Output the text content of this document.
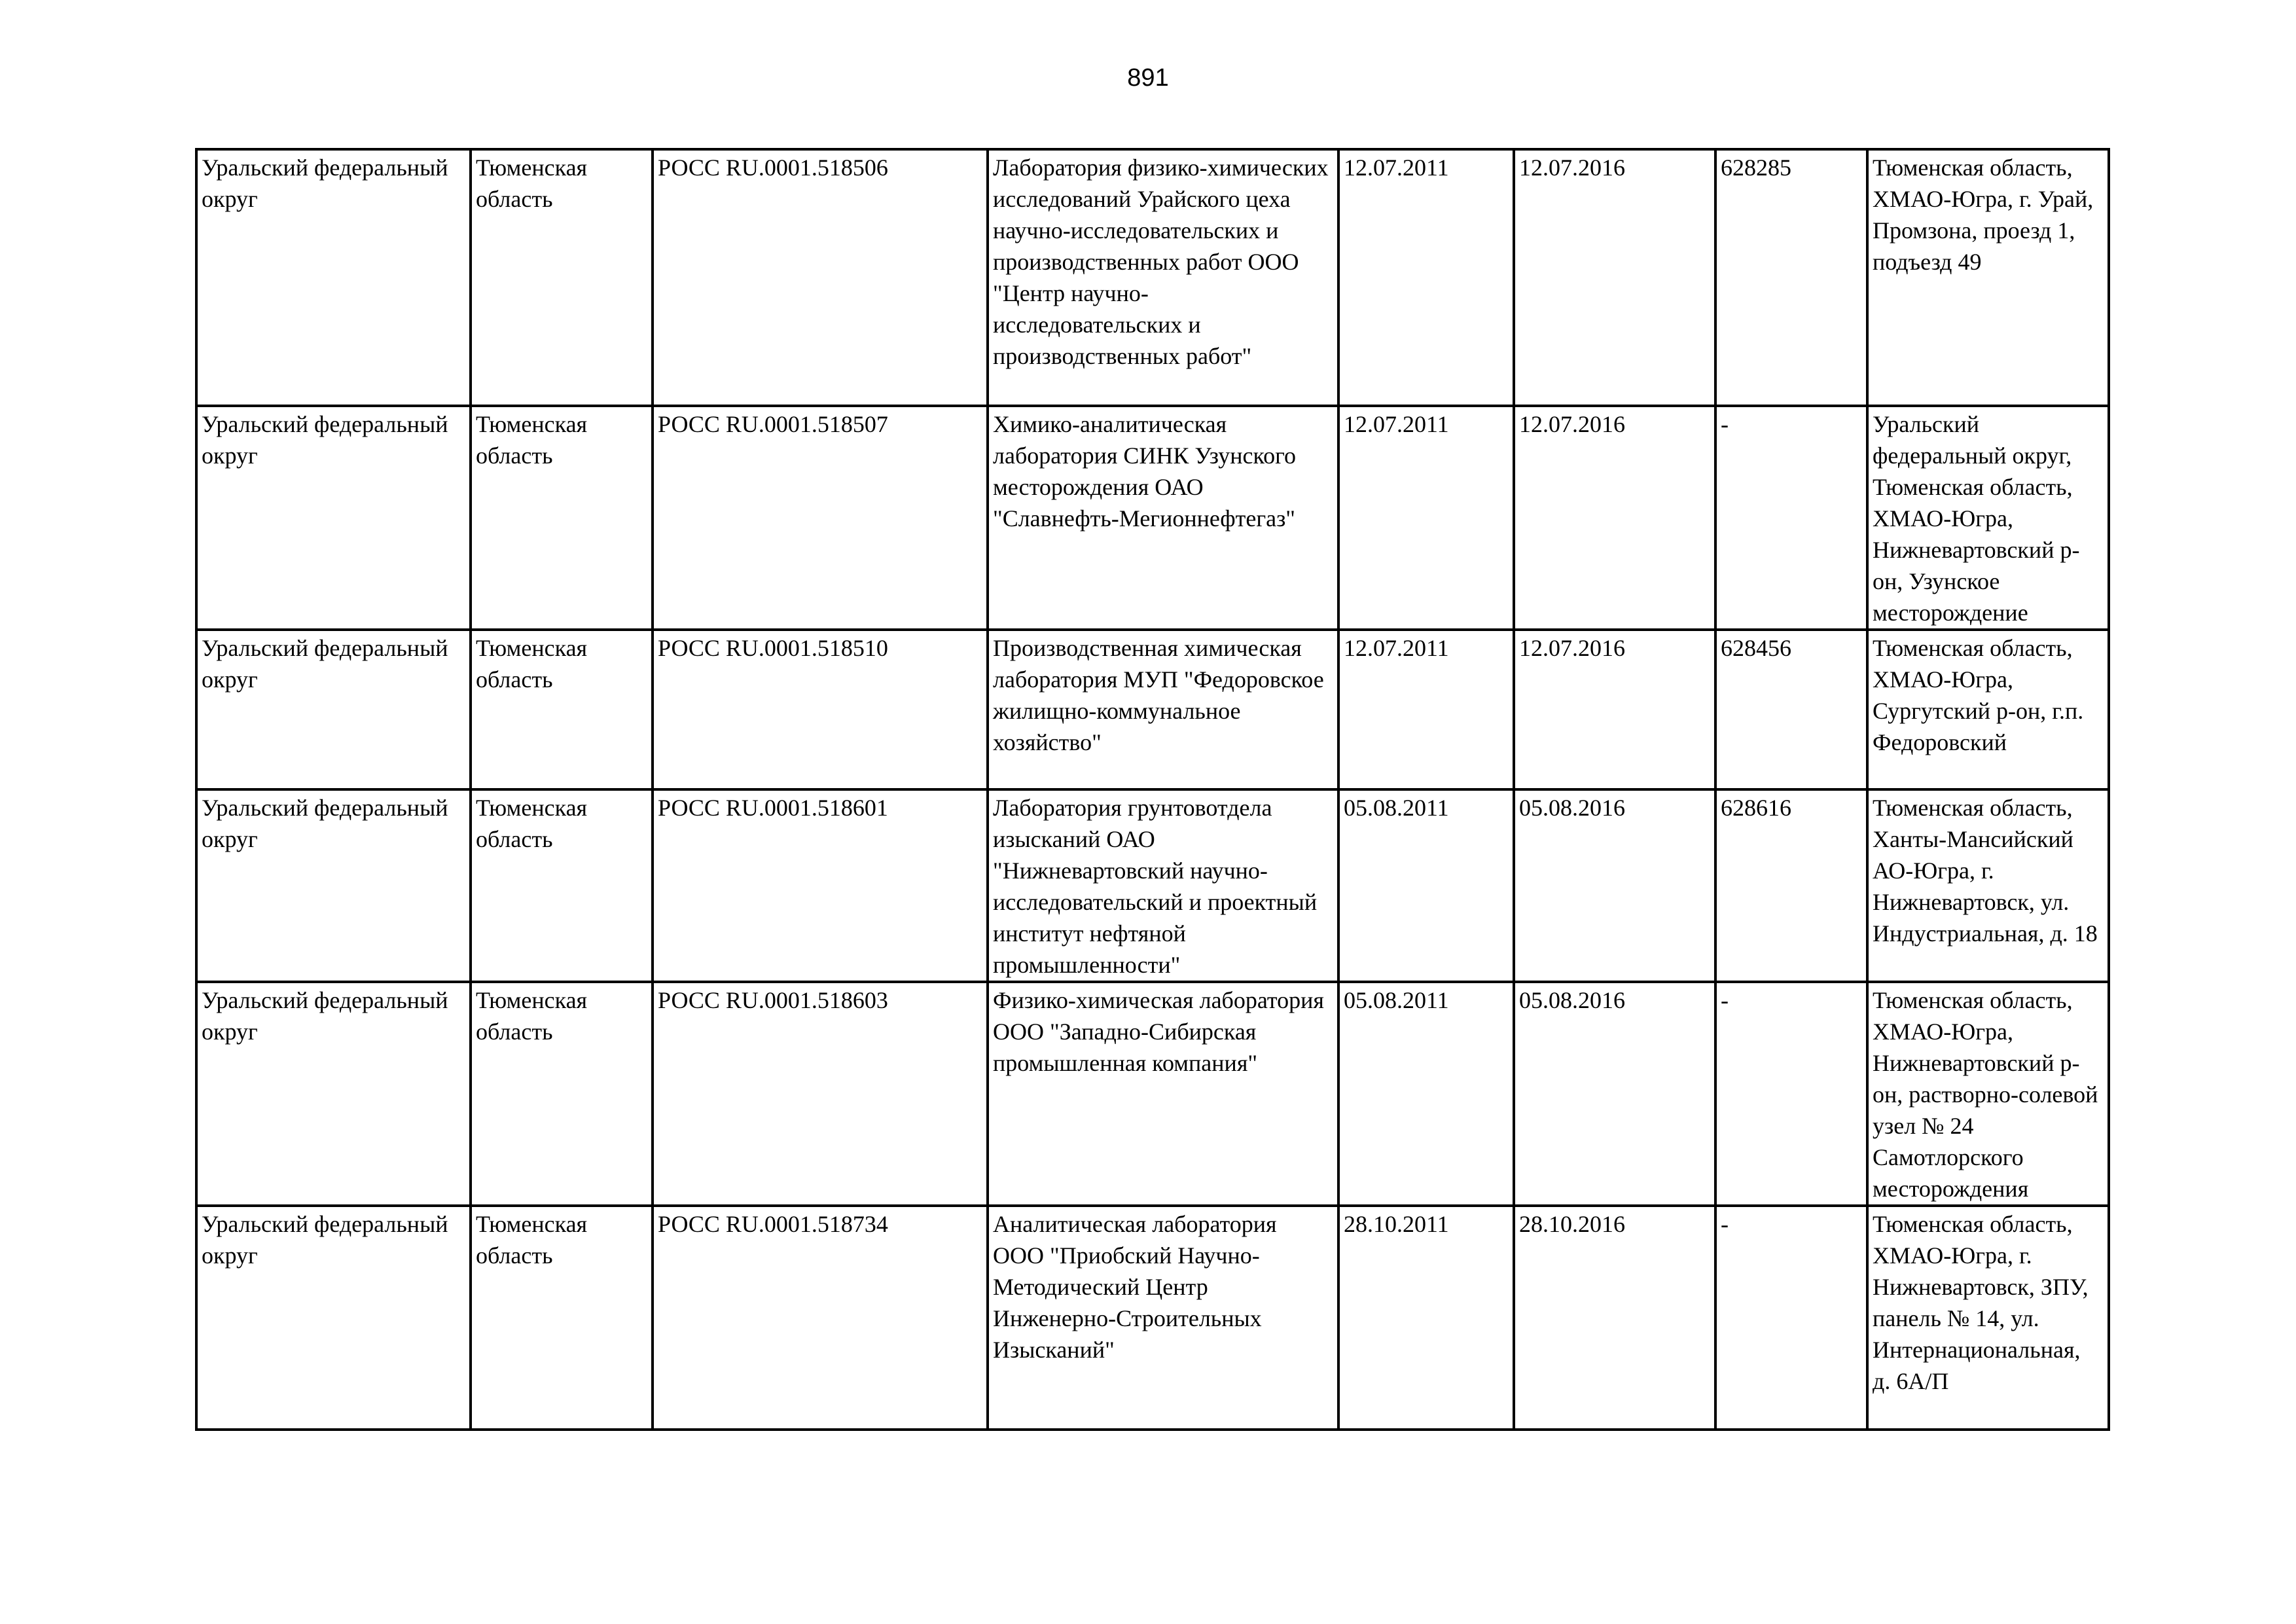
891
Уральский федеральный округ	Тюменская область	РОСС RU.0001.518506	Лаборатория физико-химических исследований Урайского цеха научно-исследовательских и производственных работ ООО "Центр научно-исследовательских и производственных работ"	12.07.2011	12.07.2016	628285	Тюменская область, ХМАО-Югра, г. Урай, Промзона, проезд 1, подъезд 49
Уральский федеральный округ	Тюменская область	РОСС RU.0001.518507	Химико-аналитическая лаборатория СИНК Узунского месторождения ОАО "Славнефть-Мегионнефтегаз"	12.07.2011	12.07.2016	-	Уральский федеральный округ, Тюменская область, ХМАО-Югра, Нижневартовский р-он, Узунское месторождение
Уральский федеральный округ	Тюменская область	РОСС RU.0001.518510	Производственная химическая лаборатория МУП "Федоровское жилищно-коммунальное хозяйство"	12.07.2011	12.07.2016	628456	Тюменская область, ХМАО-Югра, Сургутский р-он, г.п. Федоровский
Уральский федеральный округ	Тюменская область	РОСС RU.0001.518601	Лаборатория грунтовотдела изысканий ОАО "Нижневартовский научно-исследовательский и проектный институт нефтяной промышленности"	05.08.2011	05.08.2016	628616	Тюменская область, Ханты-Мансийский АО-Югра, г. Нижневартовск, ул. Индустриальная, д. 18
Уральский федеральный округ	Тюменская область	РОСС RU.0001.518603	Физико-химическая лаборатория ООО "Западно-Сибирская промышленная компания"	05.08.2011	05.08.2016	-	Тюменская область, ХМАО-Югра, Нижневартовский р-он, растворно-солевой узел № 24 Самотлорского месторождения
Уральский федеральный округ	Тюменская область	РОСС RU.0001.518734	Аналитическая лаборатория ООО "Приобский Научно-Методический Центр Инженерно-Строительных Изысканий"	28.10.2011	28.10.2016	-	Тюменская область, ХМАО-Югра, г. Нижневартовск, ЗПУ, панель № 14, ул. Интернациональная, д. 6А/П
